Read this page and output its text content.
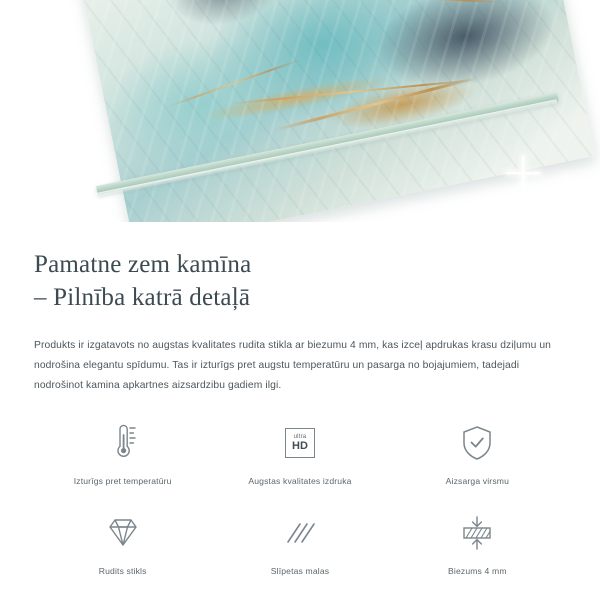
Pamatne zem kamīna
– Pilnība katrā detaļā

Produkts ir izgatavots no augstas kvalitates rudita stikla ar biezumu 4 mm, kas izceļ apdrukas krasu dziļumu un nodrošina elegantu spīdumu. Tas ir izturīgs pret augstu temperatūru un pasarga no bojajumiem, tadejadi nodrošinot kamina apkartnes aizsardzibu gadiem ilgi.

Izturīgs pret temperatūru
ultra
HD
Augstas kvalitates izdruka	Aizsarga virsmu
Rudits stikls	Slīpetas malas	Biezums 4 mm
